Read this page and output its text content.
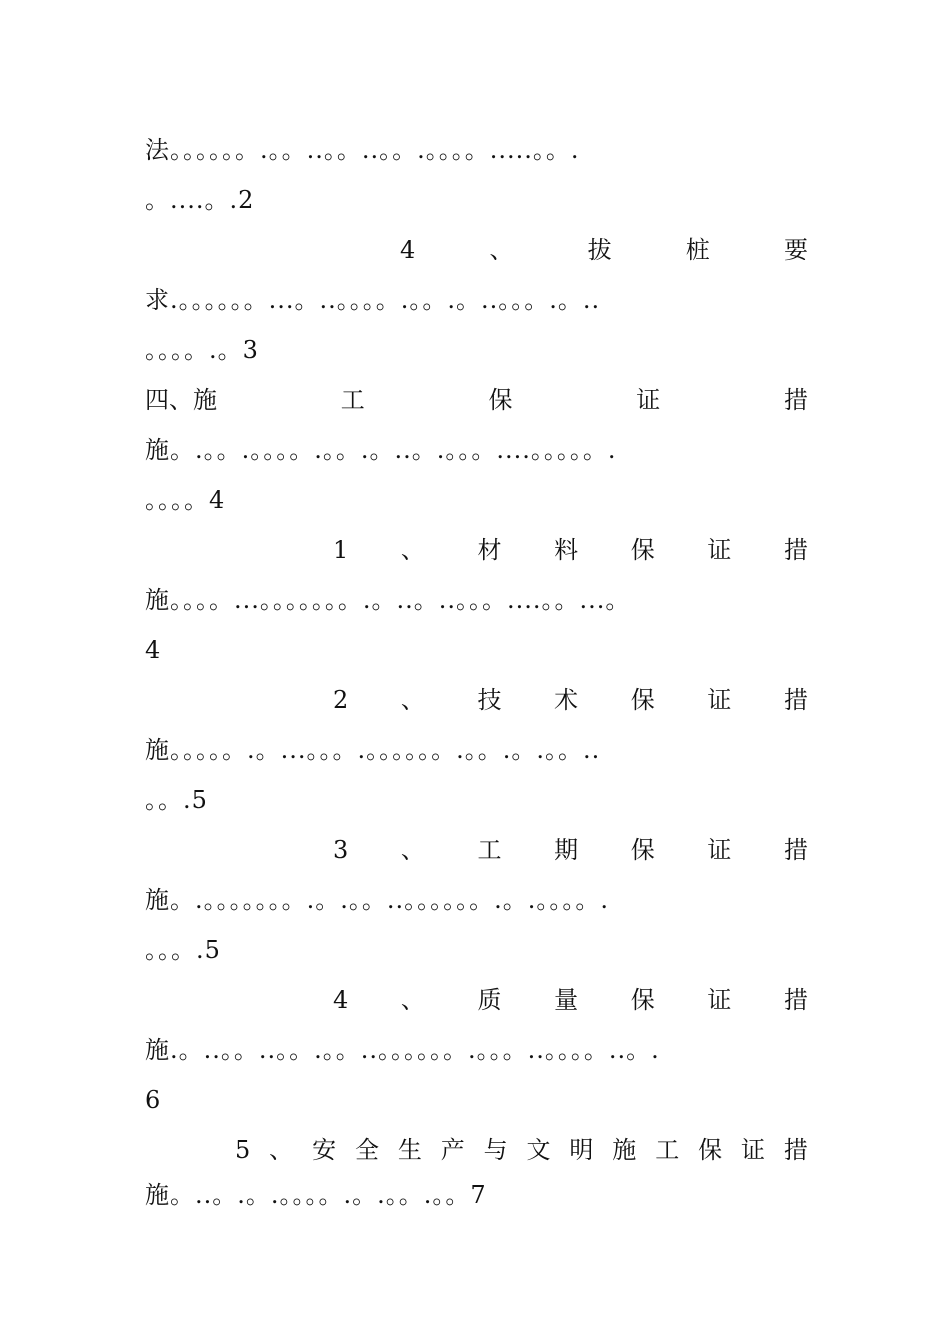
法。。。。。。.。。..。。..。。.。。。。.....。。.
。....。.2
4	、	拔	桩	要
求.。。。。。。...。..。。。。.。。.。..。。。.。..
。。。。.。3
四、施	工	保	证	措
施。.。。.。。。。.。。.。..。.。。。....。。。。。.
。。。。4
1 、 材 料 保 证 措
施。。。。...。。。。。。。.。..。..。。。....。。...。
4
2 、 技 术 保 证 措
施。。。。。.。...。。。.。。。。。。.。。.。.。。..
。。.5
3 、 工 期 保 证 措
施。.。。。。。。。.。.。。..。。。。。。.。.。。。。.
。。。.5
4 、 质 量 保 证 措
施.。..。。..。。.。。..。。。。。。.。。。..。。。。..。.
6
5 、 安 全 生 产 与 文 明 施 工 保 证 措
施。..。.。.。。。。.。.。。.。。7
